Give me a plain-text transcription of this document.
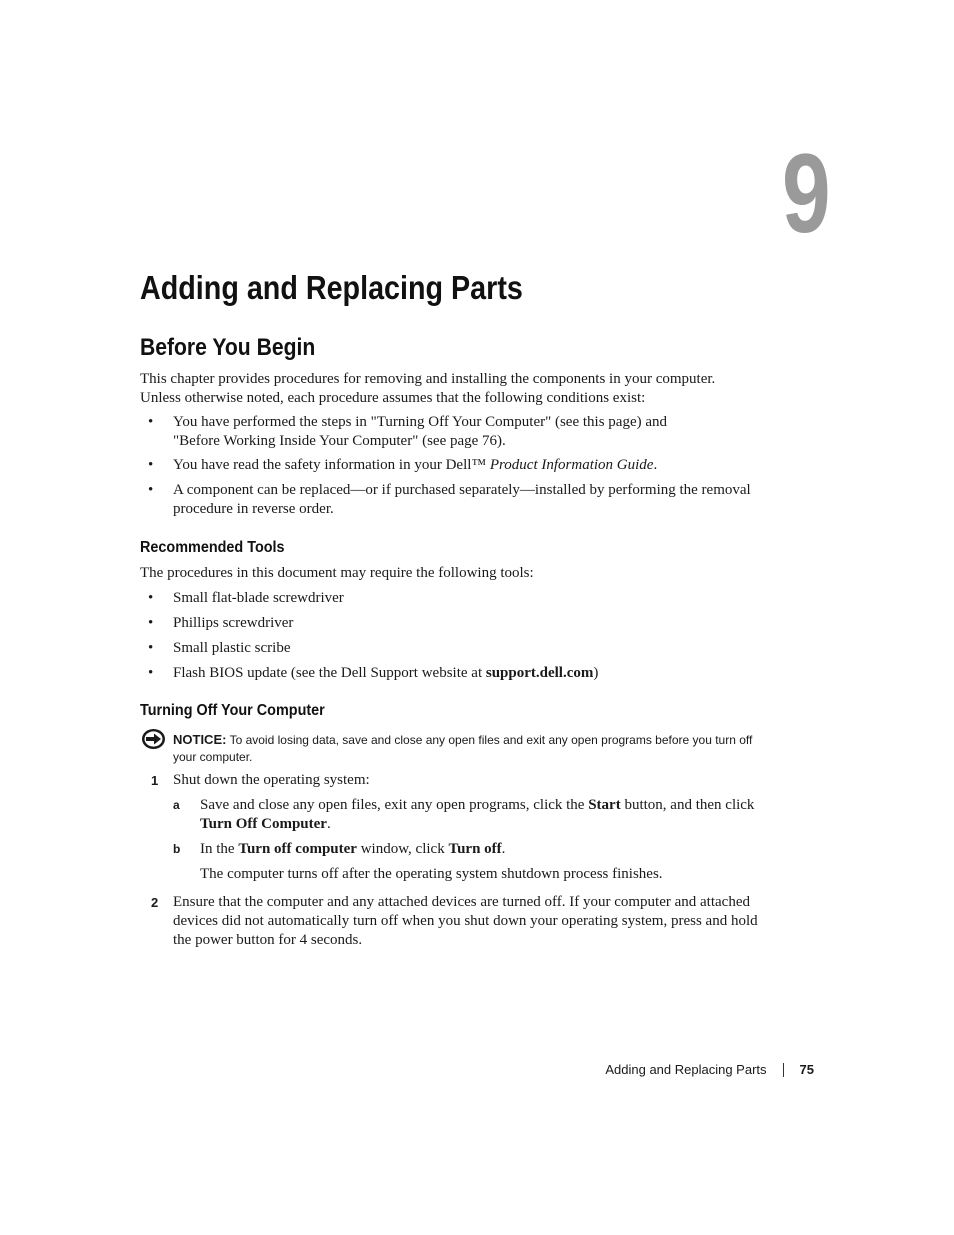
9
Adding and Replacing Parts
Before You Begin
This chapter provides procedures for removing and installing the components in your computer.
Unless otherwise noted, each procedure assumes that the following conditions exist:
• You have performed the steps in "Turning Off Your Computer" (see this page) and
"Before Working Inside Your Computer" (see page 76).
• You have read the safety information in your Dell™ Product Information Guide.
• A component can be replaced—or if purchased separately—installed by performing the removal
procedure in reverse order.
Recommended Tools
The procedures in this document may require the following tools:
• Small flat-blade screwdriver
• Phillips screwdriver
• Small plastic scribe
• Flash BIOS update (see the Dell Support website at support.dell.com)
Turning Off Your Computer
NOTICE: To avoid losing data, save and close any open files and exit any open programs before you turn off
your computer.
1 Shut down the operating system:
a Save and close any open files, exit any open programs, click the Start button, and then click
Turn Off Computer.
b In the Turn off computer window, click Turn off.
The computer turns off after the operating system shutdown process finishes.
2 Ensure that the computer and any attached devices are turned off. If your computer and attached
devices did not automatically turn off when you shut down your operating system, press and hold
the power button for 4 seconds.
Adding and Replacing Parts	75
